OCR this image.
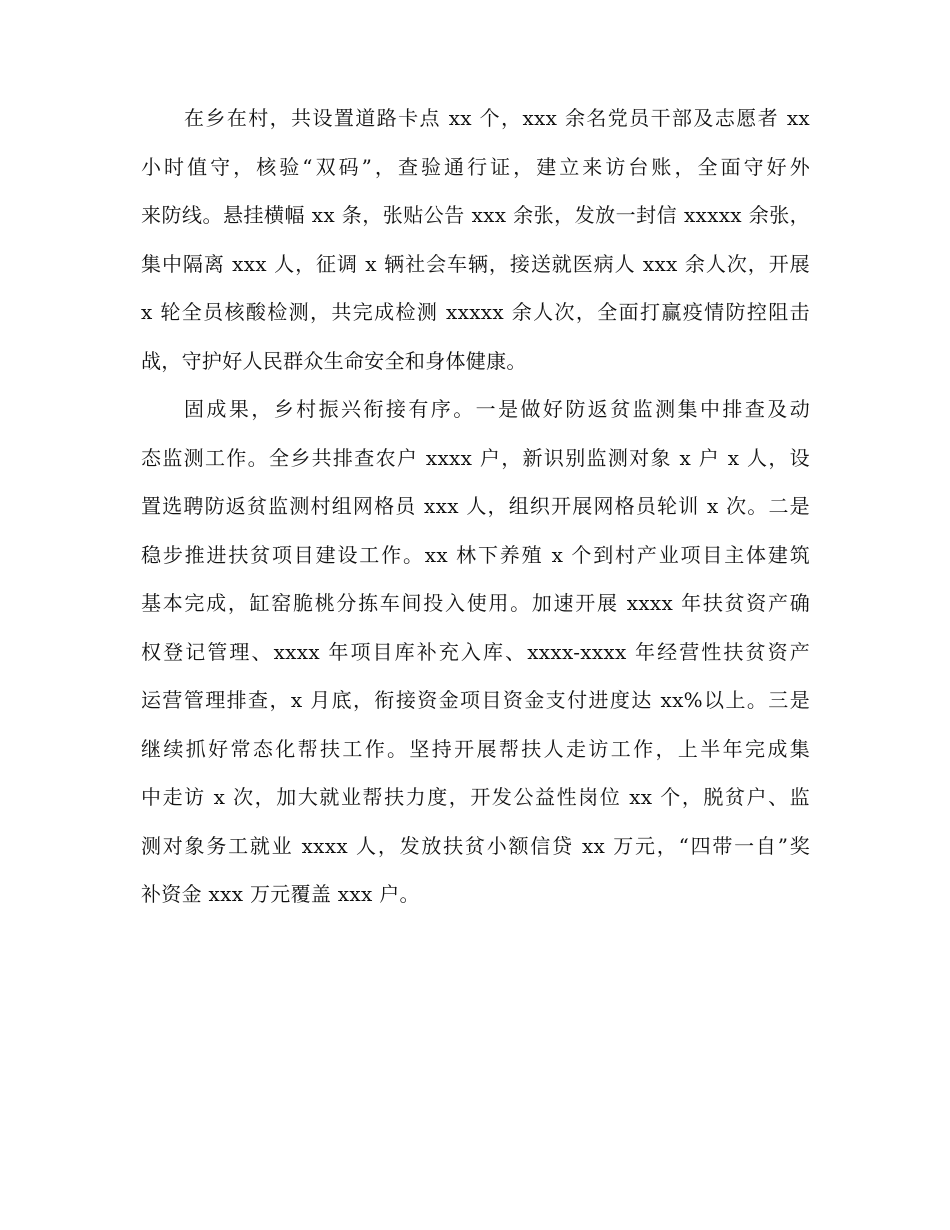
在乡在村，共设置道路卡点 xx 个，xxx 余名党员干部及志愿者 xx
小时值守，核验“双码”，查验通行证，建立来访台账，全面守好外
来防线。悬挂横幅 xx 条，张贴公告 xxx 余张，发放一封信 xxxxx 余张，
集中隔离 xxx 人，征调 x 辆社会车辆，接送就医病人 xxx 余人次，开展
x 轮全员核酸检测，共完成检测 xxxxx 余人次，全面打赢疫情防控阻击
战，守护好人民群众生命安全和身体健康。
固成果，乡村振兴衔接有序。一是做好防返贫监测集中排查及动
态监测工作。全乡共排查农户 xxxx 户，新识别监测对象 x 户 x 人，设
置选聘防返贫监测村组网格员 xxx 人，组织开展网格员轮训 x 次。二是
稳步推进扶贫项目建设工作。xx 林下养殖 x 个到村产业项目主体建筑
基本完成，缸窑脆桃分拣车间投入使用。加速开展 xxxx 年扶贫资产确
权登记管理、xxxx 年项目库补充入库、xxxx-xxxx 年经营性扶贫资产
运营管理排查，x 月底，衔接资金项目资金支付进度达 xx%以上。三是
继续抓好常态化帮扶工作。坚持开展帮扶人走访工作，上半年完成集
中走访 x 次，加大就业帮扶力度，开发公益性岗位 xx 个，脱贫户、监
测对象务工就业 xxxx 人，发放扶贫小额信贷 xx 万元，“四带一自”奖
补资金 xxx 万元覆盖 xxx 户。
